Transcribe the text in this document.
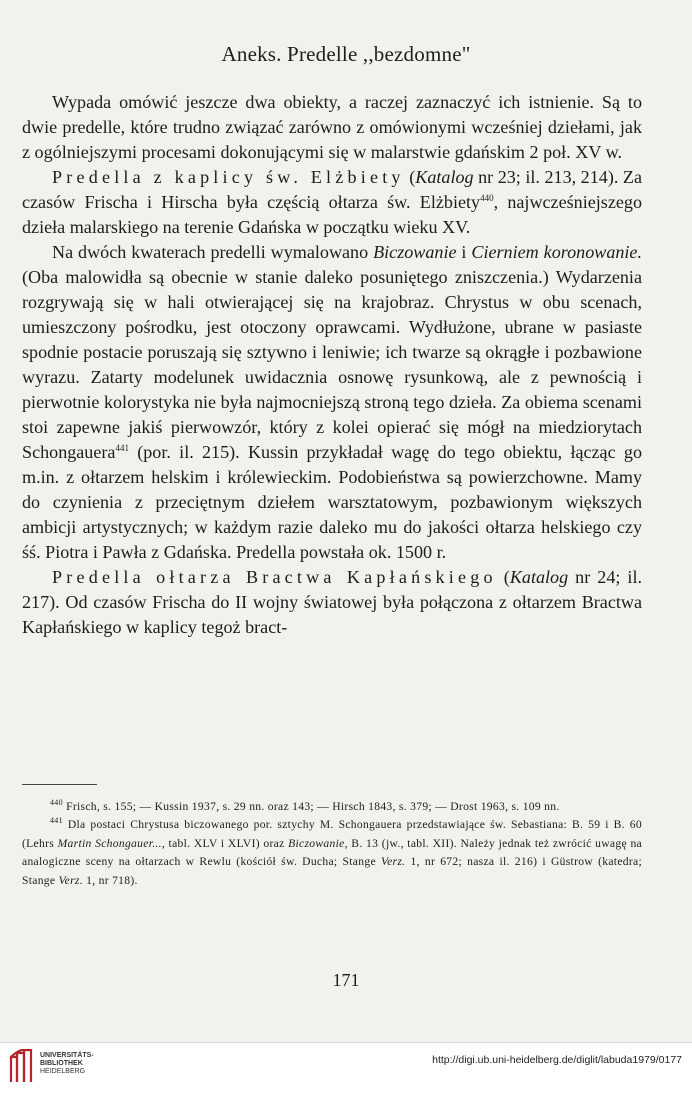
Aneks. Predelle ,,bezdomne"

Wypada omówić jeszcze dwa obiekty, a raczej zaznaczyć ich istnienie. Są to dwie predelle, które trudno związać zarówno z omówionymi wcześniej dziełami, jak z ogólniejszymi procesami dokonującymi się w malarstwie gdańskim 2 poł. XV w.

Predella z kaplicy św. Elżbiety (Katalog nr 23; il. 213, 214). Za czasów Frischa i Hirscha była częścią ołtarza św. Elżbiety$^{440}$, najwcześniejszego dzieła malarskiego na terenie Gdańska w początku wieku XV.

Na dwóch kwaterach predelli wymalowano Biczowanie i Cierniem koronowanie. (Oba malowidła są obecnie w stanie daleko posuniętego zniszczenia.) Wydarzenia rozgrywają się w hali otwierającej się na krajobraz. Chrystus w obu scenach, umieszczony pośrodku, jest otoczony oprawcami. Wydłużone, ubrane w pasiaste spodnie postacie poruszają się sztywno i leniwie; ich twarze są okrągłe i pozbawione wyrazu. Zatarty modelunek uwidacznia osnowę rysunkową, ale z pewnością i pierwotnie kolorystyka nie była najmocniejszą stroną tego dzieła. Za obiema scenami stoi zapewne jakiś pierwowzór, który z kolei opierać się mógł na miedziorytach Schongauera$^{441}$ (por. il. 215). Kussin przykładał wagę do tego obiektu, łącząc go m.in. z ołtarzem helskim i królewieckim. Podobieństwa są powierzchowne. Mamy do czynienia z przeciętnym dziełem warsztatowym, pozbawionym większych ambicji artystycznych; w każdym razie daleko mu do jakości ołtarza helskiego czy śś. Piotra i Pawła z Gdańska. Predella powstała ok. 1500 r.

Predella ołtarza Bractwa Kapłańskiego (Katalog nr 24; il. 217). Od czasów Frischa do II wojny światowej była połączona z ołtarzem Bractwa Kapłańskiego w kaplicy tegoż bract-

$^{440}$ Frisch, s. 155; — Kussin 1937, s. 29 nn. oraz 143; — Hirsch 1843, s. 379; — Drost 1963, s. 109 nn.

$^{441}$ Dla postaci Chrystusa biczowanego por. sztychy M. Schongauera przedstawiające św. Sebastiana: B. 59 i B. 60 (Lehrs Martin Schongauer..., tabl. XLV i XLVI) oraz Biczowanie, B. 13 (jw., tabl. XII). Należy jednak też zwrócić uwagę na analogiczne sceny na ołtarzach w Rewlu (kościół św. Ducha; Stange Verz. 1, nr 672; nasza il. 216) i Güstrow (katedra; Stange Verz. 1, nr 718).

171
UNIVERSITÄTS-
BIBLIOTHEK
HEIDELBERG
http://digi.ub.uni-heidelberg.de/diglit/labuda1979/0177
